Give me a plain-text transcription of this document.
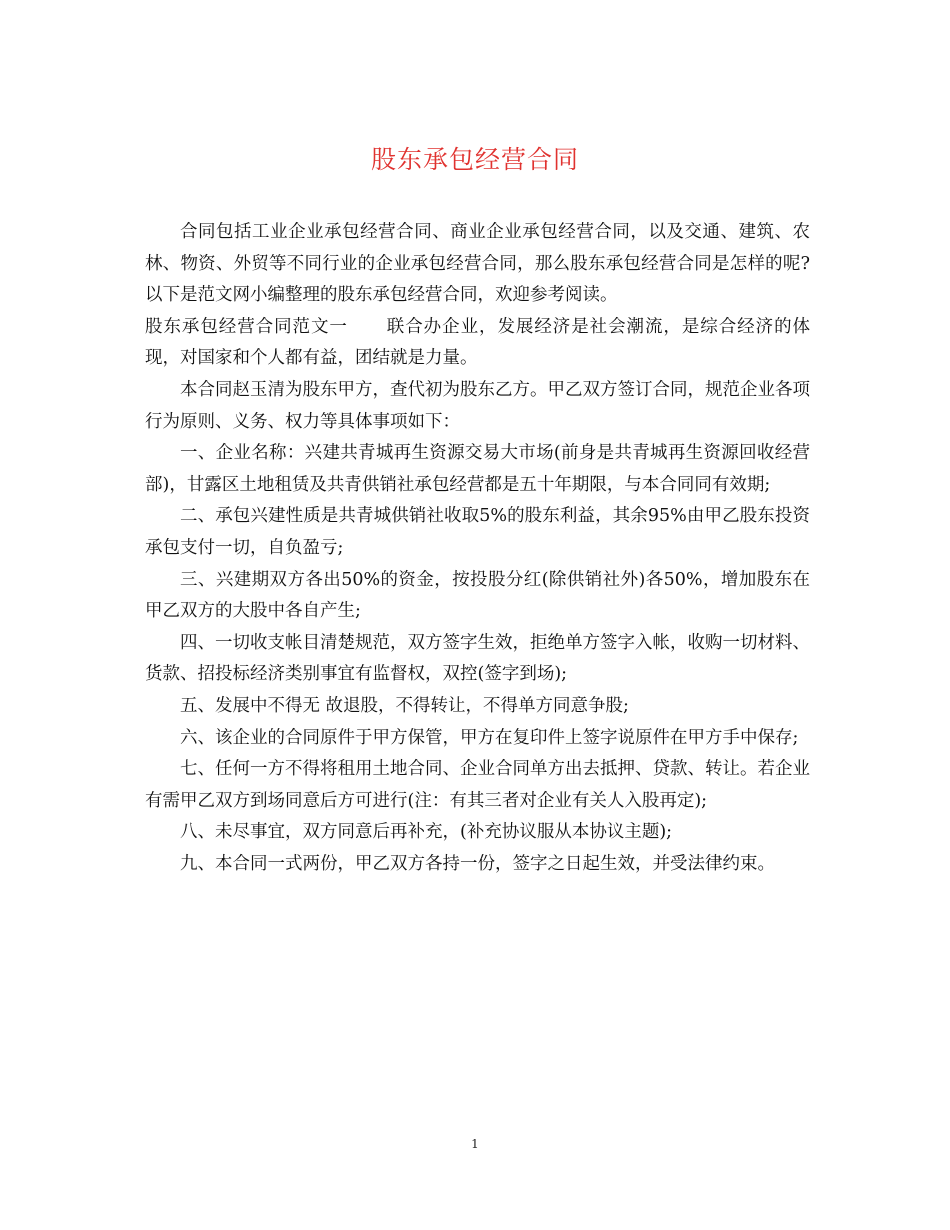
股东承包经营合同

合同包括工业企业承包经营合同、商业企业承包经营合同，以及交通、建筑、农林、物资、外贸等不同行业的企业承包经营合同，那么股东承包经营合同是怎样的呢?以下是范文网小编整理的股东承包经营合同，欢迎参考阅读。

股东承包经营合同范文一 联合办企业，发展经济是社会潮流，是综合经济的体现，对国家和个人都有益，团结就是力量。

本合同赵玉清为股东甲方，查代初为股东乙方。甲乙双方签订合同，规范企业各项行为原则、义务、权力等具体事项如下：

一、企业名称：兴建共青城再生资源交易大市场(前身是共青城再生资源回收经营部)，甘露区土地租赁及共青供销社承包经营都是五十年期限，与本合同同有效期;

二、承包兴建性质是共青城供销社收取5%的股东利益，其余95%由甲乙股东投资承包支付一切，自负盈亏;

三、兴建期双方各出50%的资金，按投股分红(除供销社外)各50%，增加股东在甲乙双方的大股中各自产生;

四、一切收支帐目清楚规范，双方签字生效，拒绝单方签字入帐，收购一切材料、货款、招投标经济类别事宜有监督权，双控(签字到场);

五、发展中不得无 故退股，不得转让，不得单方同意争股;

六、该企业的合同原件于甲方保管，甲方在复印件上签字说原件在甲方手中保存;

七、任何一方不得将租用土地合同、企业合同单方出去抵押、贷款、转让。若企业有需甲乙双方到场同意后方可进行(注：有其三者对企业有关人入股再定);

八、未尽事宜，双方同意后再补充，(补充协议服从本协议主题);

九、本合同一式两份，甲乙双方各持一份，签字之日起生效，并受法律约束。

1
